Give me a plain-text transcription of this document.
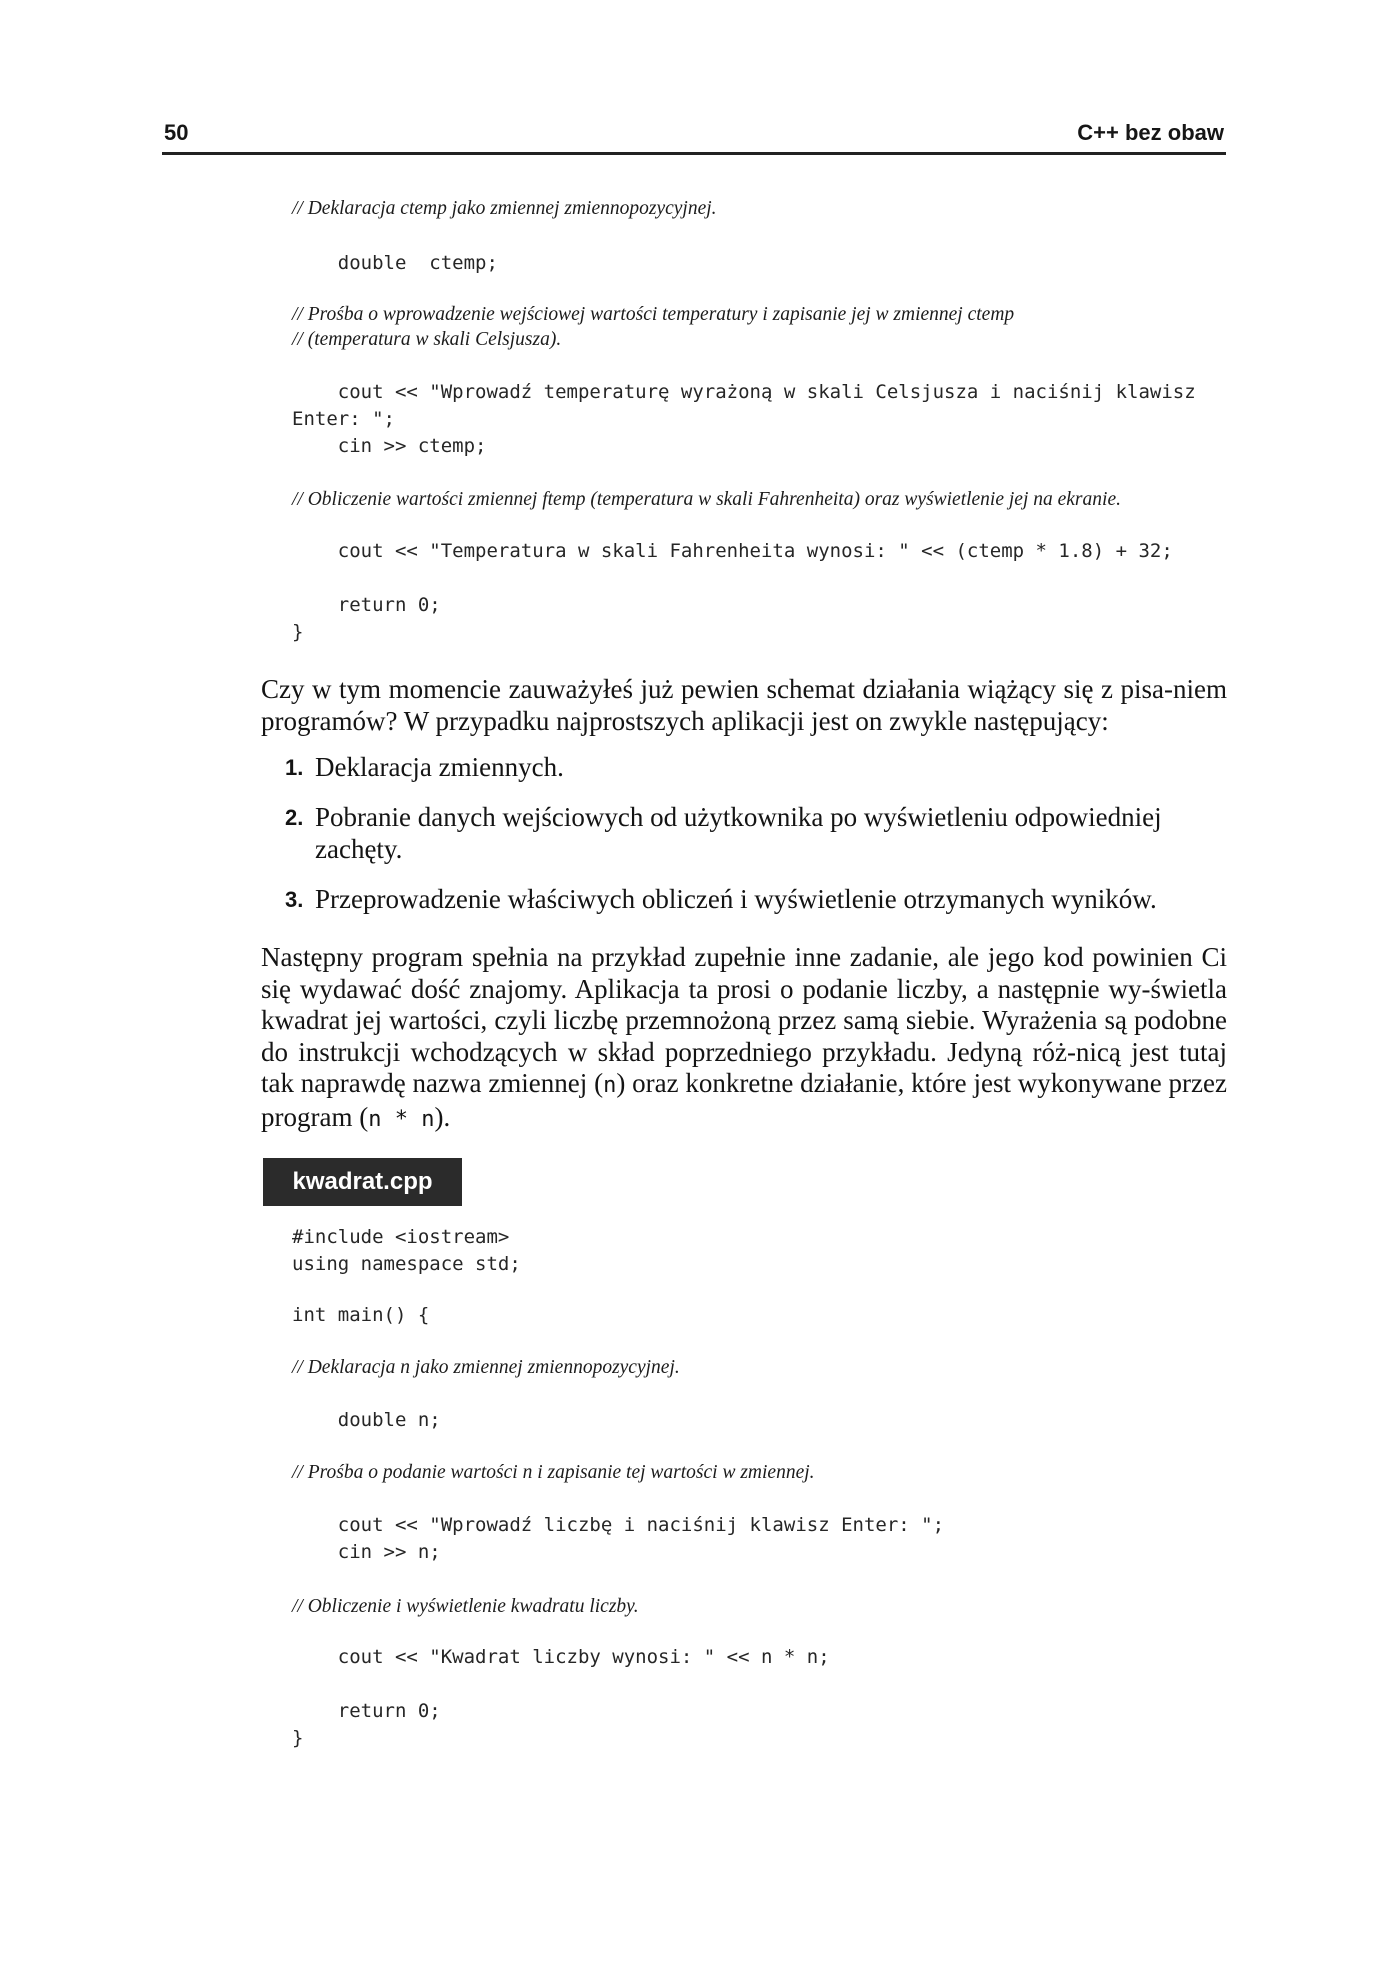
50	C++ bez obaw
// Deklaracja ctemp jako zmiennej zmiennopozycyjnej.
double  ctemp;
// Prośba o wprowadzenie wejściowej wartości temperatury i zapisanie jej w zmiennej ctemp
// (temperatura w skali Celsjusza).
cout << "Wprowadź temperaturę wyrażoną w skali Celsjusza i naciśnij klawisz
Enter: ";
cin >> ctemp;
// Obliczenie wartości zmiennej ftemp (temperatura w skali Fahrenheita) oraz wyświetlenie jej na ekranie.
cout << "Temperatura w skali Fahrenheita wynosi: " << (ctemp * 1.8) + 32;
return 0;
}

Czy w tym momencie zauważyłeś już pewien schemat działania wiążący się z pisa-niem programów? W przypadku najprostszych aplikacji jest on zwykle następujący:

1. Deklaracja zmiennych.
2. Pobranie danych wejściowych od użytkownika po wyświetleniu odpowiedniej zachęty.
3. Przeprowadzenie właściwych obliczeń i wyświetlenie otrzymanych wyników.

Następny program spełnia na przykład zupełnie inne zadanie, ale jego kod powinien Ci się wydawać dość znajomy. Aplikacja ta prosi o podanie liczby, a następnie wy-świetla kwadrat jej wartości, czyli liczbę przemnożoną przez samą siebie. Wyrażenia są podobne do instrukcji wchodzących w skład poprzedniego przykładu. Jedyną róż-nicą jest tutaj tak naprawdę nazwa zmiennej (n) oraz konkretne działanie, które jest wykonywane przez program (n * n).

kwadrat.cpp
#include <iostream>
using namespace std;
int main() {
// Deklaracja n jako zmiennej zmiennopozycyjnej.
double n;
// Prośba o podanie wartości n i zapisanie tej wartości w zmiennej.
cout << "Wprowadź liczbę i naciśnij klawisz Enter: ";
cin >> n;
// Obliczenie i wyświetlenie kwadratu liczby.
cout << "Kwadrat liczby wynosi: " << n * n;
return 0;
}
